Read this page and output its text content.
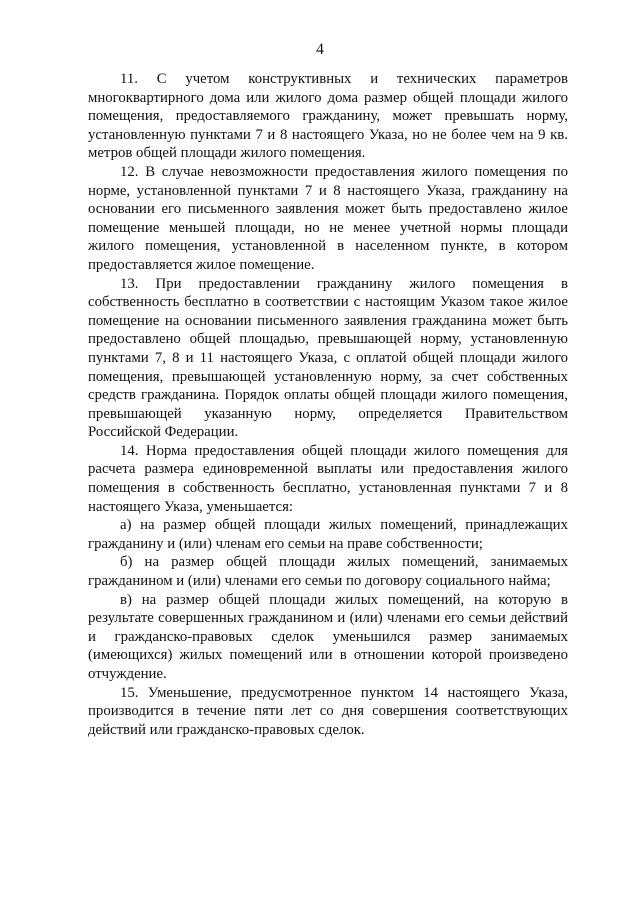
4

11. С учетом конструктивных и технических параметров многоквартирного дома или жилого дома размер общей площади жилого помещения, предоставляемого гражданину, может превышать норму, установленную пунктами 7 и 8 настоящего Указа, но не более чем на 9 кв. метров общей площади жилого помещения.

12. В случае невозможности предоставления жилого помещения по норме, установленной пунктами 7 и 8 настоящего Указа, гражданину на основании его письменного заявления может быть предоставлено жилое помещение меньшей площади, но не менее учетной нормы площади жилого помещения, установленной в населенном пункте, в котором предоставляется жилое помещение.

13. При предоставлении гражданину жилого помещения в собственность бесплатно в соответствии с настоящим Указом такое жилое помещение на основании письменного заявления гражданина может быть предоставлено общей площадью, превышающей норму, установленную пунктами 7, 8 и 11 настоящего Указа, с оплатой общей площади жилого помещения, превышающей установленную норму, за счет собственных средств гражданина. Порядок оплаты общей площади жилого помещения, превышающей указанную норму, определяется Правительством Российской Федерации.

14. Норма предоставления общей площади жилого помещения для расчета размера единовременной выплаты или предоставления жилого помещения в собственность бесплатно, установленная пунктами 7 и 8 настоящего Указа, уменьшается:

а) на размер общей площади жилых помещений, принадлежащих гражданину и (или) членам его семьи на праве собственности;

б) на размер общей площади жилых помещений, занимаемых гражданином и (или) членами его семьи по договору социального найма;

в) на размер общей площади жилых помещений, на которую в результате совершенных гражданином и (или) членами его семьи действий и гражданско-правовых сделок уменьшился размер занимаемых (имеющихся) жилых помещений или в отношении которой произведено отчуждение.

15. Уменьшение, предусмотренное пунктом 14 настоящего Указа, производится в течение пяти лет со дня совершения соответствующих действий или гражданско-правовых сделок.
